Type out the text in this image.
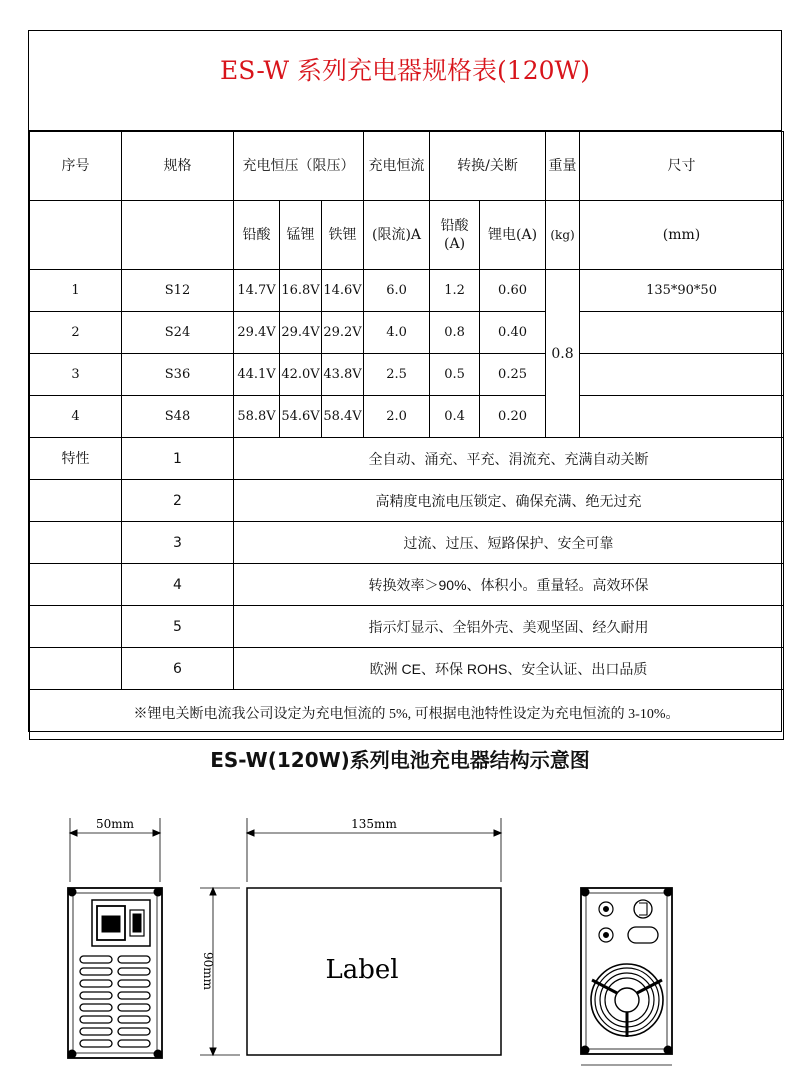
ES-W 系列充电器规格表(120W)
序号	规格	充电恒压（限压）			充电恒流	转换/关断		重量	尺寸
		铅酸	锰锂	铁锂	(限流)A	铅酸(A)	锂电(A)	(kg)	(mm)
1	S12	14.7V	16.8V	14.6V	6.0	1.2	0.60	0.8	135*90*50
2	S24	29.4V	29.4V	29.2V	4.0	0.8	0.40		
3	S36	44.1V	42.0V	43.8V	2.5	0.5	0.25		
4	S48	58.8V	54.6V	58.4V	2.0	0.4	0.20		
特性	1	全自动、涌充、平充、涓流充、充满自动关断							
	2	高精度电流电压锁定、确保充满、绝无过充							
	3	过流、过压、短路保护、安全可靠							
	4	转换效率＞90%、体积小。重量轻。高效环保							
	5	指示灯显示、全铝外壳、美观坚固、经久耐用							
	6	欧洲 CE、环保 ROHS、安全认证、出口品质							
※锂电关断电流我公司设定为充电恒流的 5%, 可根据电池特性设定为充电恒流的 3-10%。									
ES-W(120W)系列电池充电器结构示意图
50mm	135mm
90mm	Label
